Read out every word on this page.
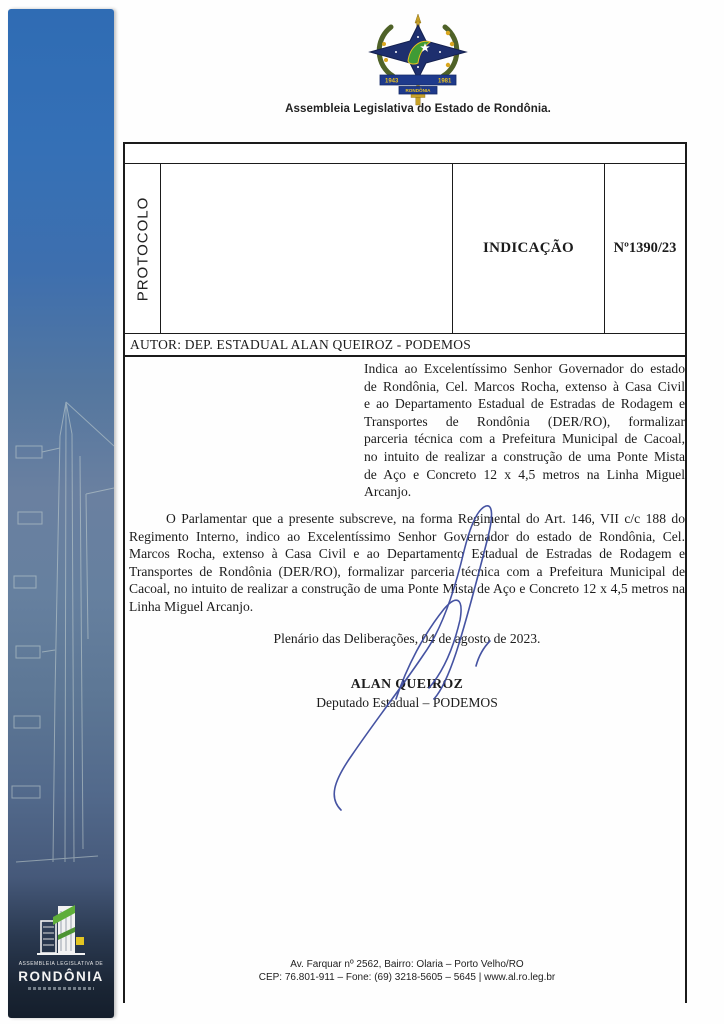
ASSEMBLEIA LEGISLATIVA DE
RONDÔNIA
1943	1981
RONDÔNIA
Assembleia Legislativa do Estado de Rondônia.
PROTOCOLO	INDICAÇÃO	Nº1390/23
AUTOR: DEP. ESTADUAL ALAN QUEIROZ - PODEMOS
Indica ao Excelentíssimo Senhor Governador do estado de Rondônia, Cel. Marcos Rocha, extenso à Casa Civil e ao Departamento Estadual de Estradas de Rodagem e Transportes de Rondônia (DER/RO), formalizar parceria técnica com a Prefeitura Municipal de Cacoal, no intuito de realizar a construção de uma Ponte Mista de Aço e Concreto 12 x 4,5 metros na Linha Miguel Arcanjo.
O Parlamentar que a presente subscreve, na forma Regimental do Art. 146, VII c/c 188 do Regimento Interno, indico ao Excelentíssimo Senhor Governador do estado de Rondônia, Cel. Marcos Rocha, extenso à Casa Civil e ao Departamento Estadual de Estradas de Rodagem e Transportes de Rondônia (DER/RO), formalizar parceria técnica com a Prefeitura Municipal de Cacoal, no intuito de realizar a construção de uma Ponte Mista de Aço e Concreto 12 x 4,5 metros na Linha Miguel Arcanjo.
Plenário das Deliberações, 04 de agosto de 2023.
ALAN QUEIROZ
Deputado Estadual – PODEMOS
Av. Farquar nº 2562, Bairro: Olaria – Porto Velho/RO
CEP: 76.801-911 – Fone: (69) 3218-5605 – 5645 | www.al.ro.leg.br
